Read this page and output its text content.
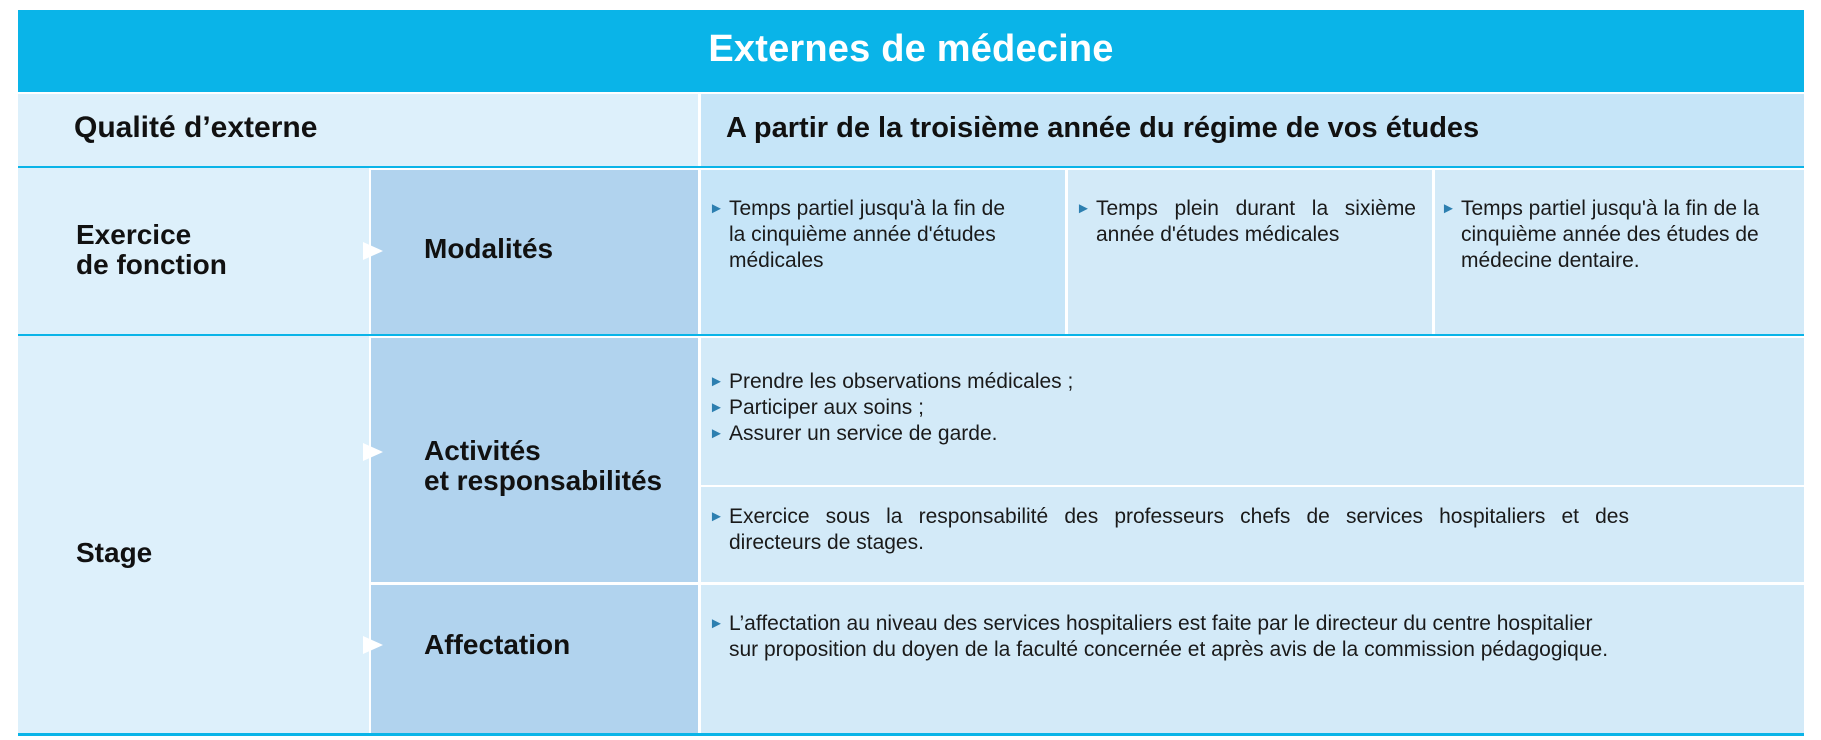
Externes de médecine
Qualité d’externe	A partir de la troisième année du régime de vos études
Exercice
de fonction
Modalités
► Temps partiel jusqu'à la fin de
la cinquième année d'études
médicales
► Temps plein durant la sixième
année d'études médicales
► Temps partiel jusqu'à la fin de la
cinquième année des études de
médecine dentaire.
Stage
Activités
et responsabilités
► Prendre les observations médicales ;
► Participer aux soins ;
► Assurer un service de garde.
► Exercice sous la responsabilité des professeurs chefs de services hospitaliers et des
directeurs de stages.
Affectation
► L’affectation au niveau des services hospitaliers est faite par le directeur du centre hospitalier
sur proposition du doyen de la faculté concernée et après avis de la commission pédagogique.
